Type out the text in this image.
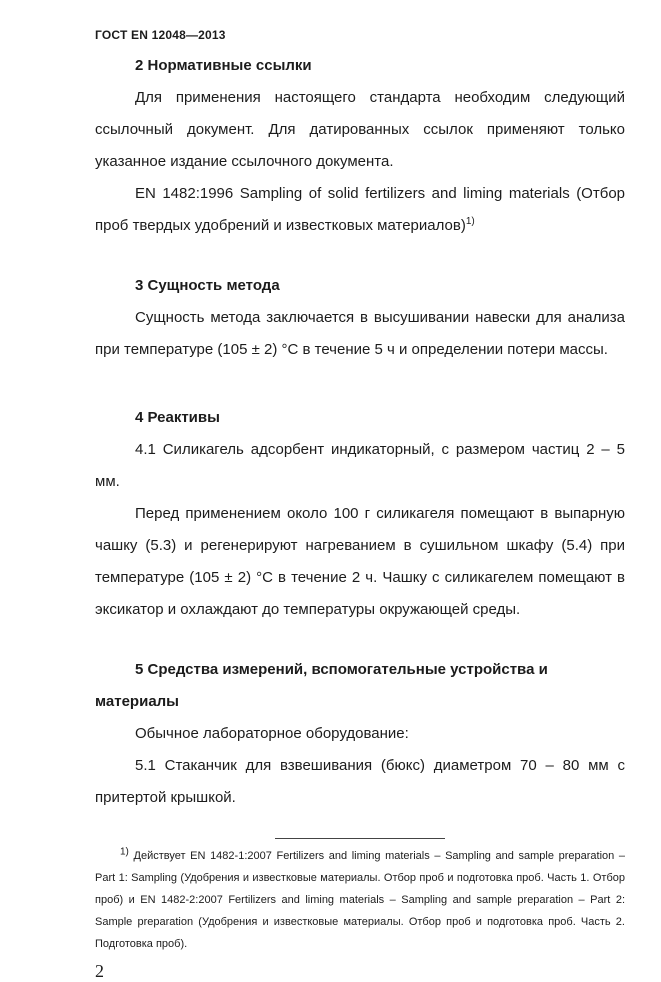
ГОСТ EN 12048—2013
2 Нормативные ссылки
Для применения настоящего стандарта необходим следующий ссылочный документ. Для датированных ссылок применяют только указанное издание ссылочного документа.
EN 1482:1996 Sampling of solid fertilizers and liming materials (Отбор проб твердых удобрений и известковых материалов)$^{1)}$
3 Сущность метода
Сущность метода заключается в высушивании навески для анализа при температуре (105 ± 2) °С в течение 5 ч и определении потери массы.
4 Реактивы
4.1 Силикагель адсорбент индикаторный, с размером частиц 2 – 5 мм.
Перед применением около 100 г силикагеля помещают в выпарную чашку (5.3) и регенерируют нагреванием в сушильном шкафу (5.4) при температуре (105 ± 2) °С в течение 2 ч. Чашку с силикагелем помещают в эксикатор и охлаждают до температуры окружающей среды.
5 Средства измерений, вспомогательные устройства и материалы
Обычное лабораторное оборудование:
5.1 Стаканчик для взвешивания (бюкс) диаметром 70 – 80 мм с притертой крышкой.
$^{1)}$ Действует EN 1482-1:2007 Fertilizers and liming materials – Sampling and sample preparation – Part 1: Sampling (Удобрения и известковые материалы. Отбор проб и подготовка проб. Часть 1. Отбор проб) и EN 1482-2:2007 Fertilizers and liming materials – Sampling and sample preparation – Part 2: Sample preparation (Удобрения и известковые материалы. Отбор проб и подготовка проб. Часть 2. Подготовка проб).
2
